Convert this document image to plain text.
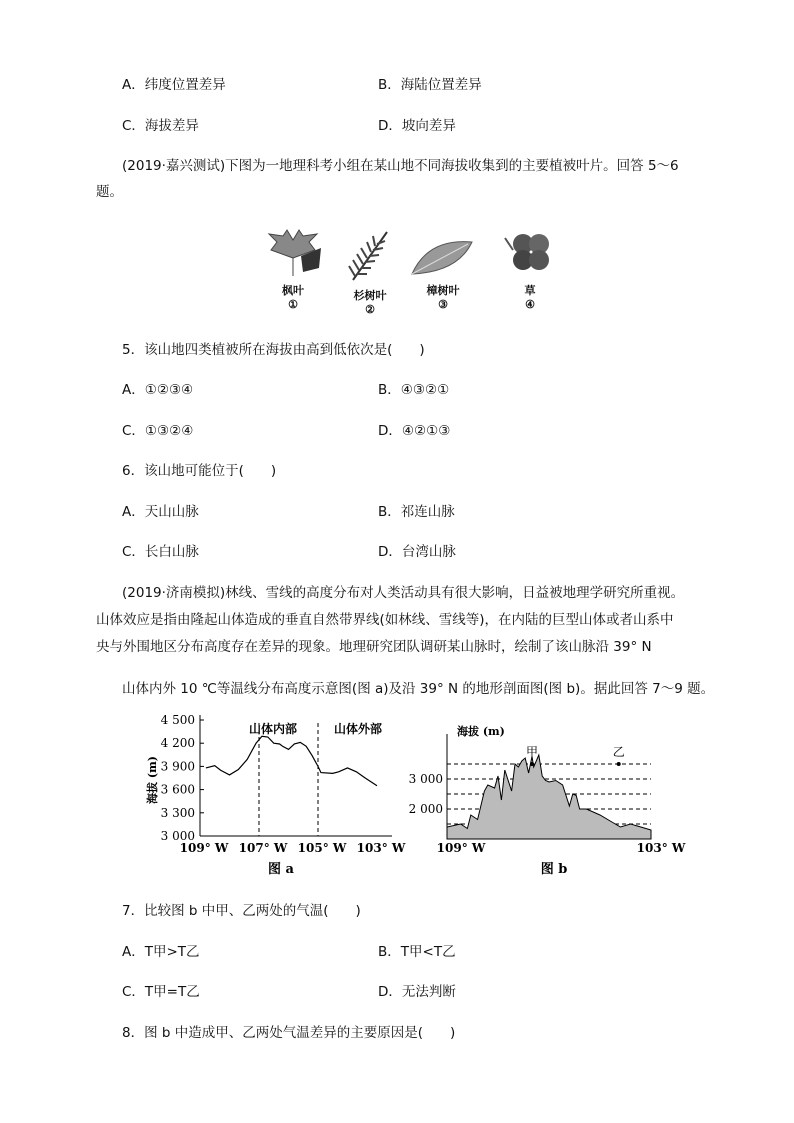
A．纬度位置差异	B．海陆位置差异
C．海拔差异	D．坡向差异
(2019·嘉兴测试)下图为一地理科考小组在某山地不同海拔收集到的主要植被叶片。回答 5～6
题。
枫叶
①
杉树叶
②
樟树叶
③
草
④
5．该山地四类植被所在海拔由高到低依次是(　　)
A．①②③④	B．④③②①
C．①③②④	D．④②①③
6．该山地可能位于(　　)
A．天山山脉	B．祁连山脉
C．长白山脉	D．台湾山脉
(2019·济南模拟)林线、雪线的高度分布对人类活动具有很大影响，日益被地理学研究所重视。
山体效应是指由隆起山体造成的垂直自然带界线(如林线、雪线等)，在内陆的巨型山体或者山系中
央与外围地区分布高度存在差异的现象。地理研究团队调研某山脉时，绘制了该山脉沿 39° N
山体内外 10 ℃等温线分布高度示意图(图 a)及沿 39° N 的地形剖面图(图 b)。据此回答 7～9 题。
3 000
3 300
3 600
3 900
4 200
4 500
109° W 107° W 105° W 103° W
山体内部	山体外部
海拔 (m)
图 a
海拔 (m)
2 000
3 000
109° W	103° W
甲	乙
图 b
7．比较图 b 中甲、乙两处的气温(　　)
A．T甲>T乙	B．T甲<T乙
C．T甲=T乙	D．无法判断
8．图 b 中造成甲、乙两处气温差异的主要原因是(　　)
